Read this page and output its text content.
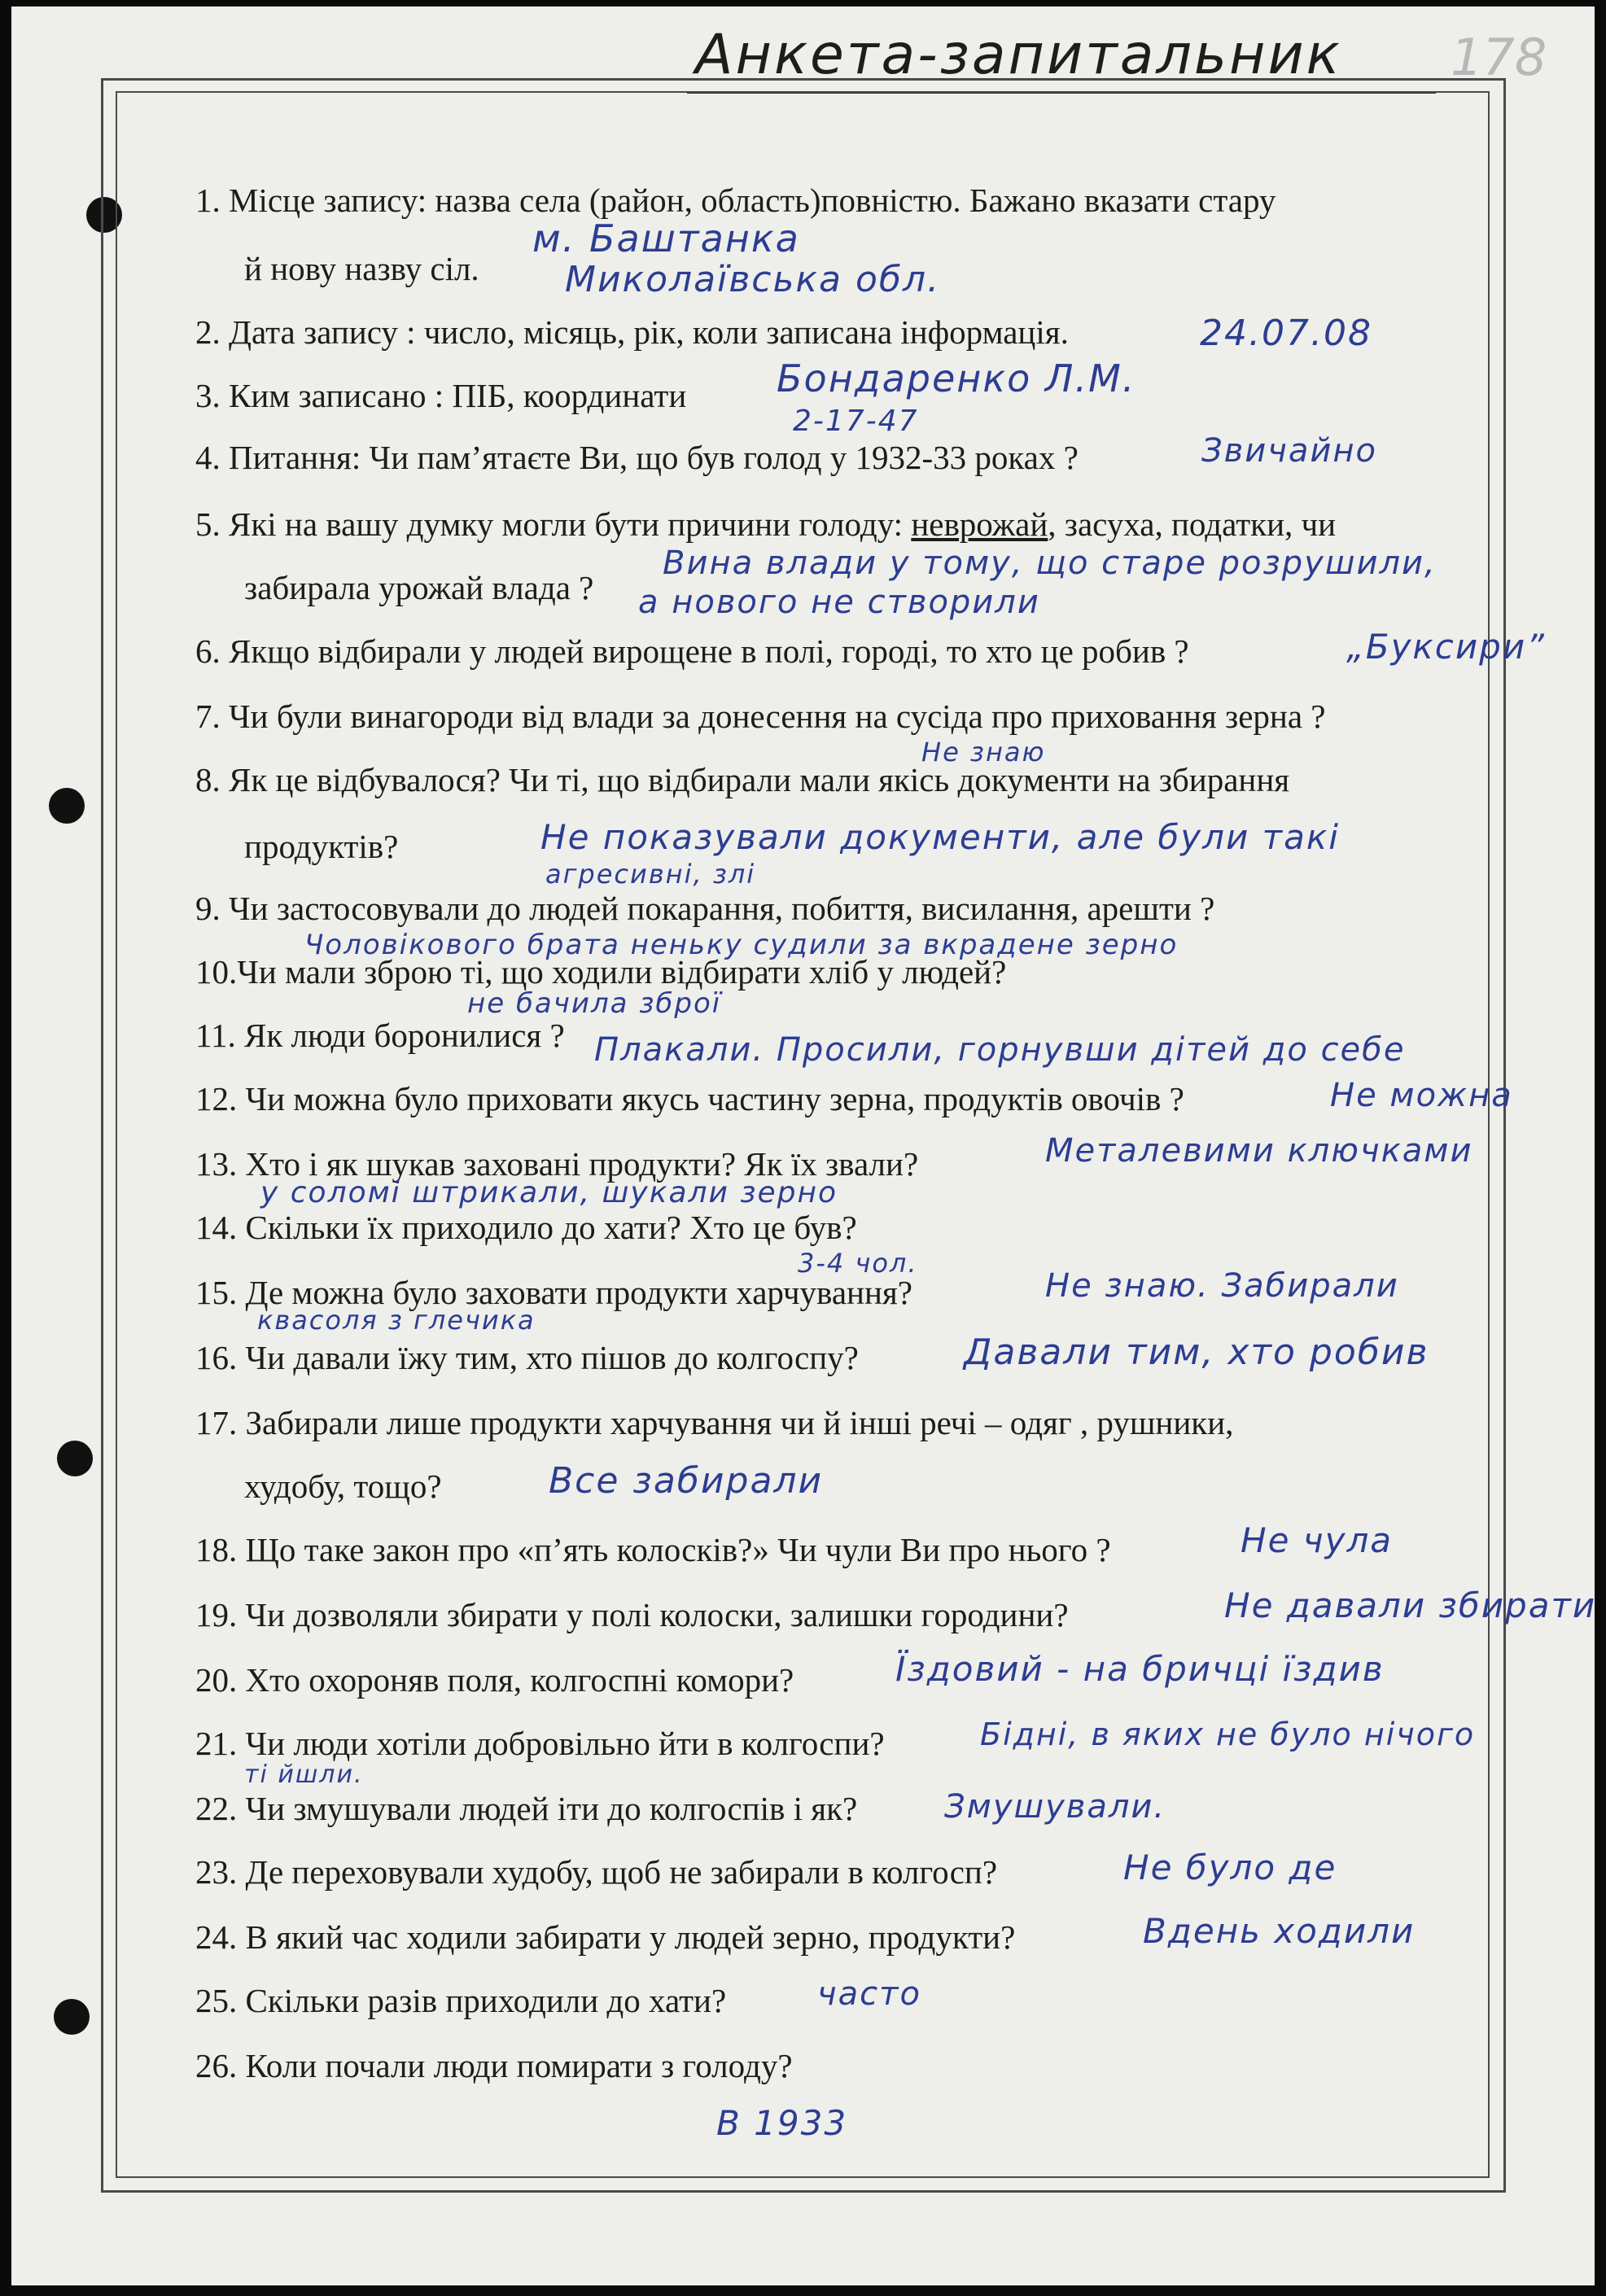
Анкета-запитальник 178
1. Місце запису: назва села (район, область)повністю. Бажано вказати стару
й нову назву сіл.
2. Дата запису : число, місяць, рік, коли записана інформація.
3. Ким записано : ПІБ, координати
4. Питання: Чи пам’ятаєте Ви, що був голод у 1932-33 роках ?
5. Які на вашу думку могли бути причини голоду: неврожай, засуха, податки, чи
забирала урожай влада ?
6. Якщо відбирали у людей вирощене в полі, городі, то хто це робив ?
7. Чи були винагороди від влади за донесення на сусіда про приховання зерна ?
8. Як це відбувалося? Чи ті, що відбирали мали якісь документи на збирання
продуктів?
9. Чи застосовували до людей покарання, побиття, висилання, арешти ?
10.Чи мали зброю ті, що ходили відбирати хліб у людей?
11. Як люди боронилися ?
12. Чи можна було приховати якусь частину зерна, продуктів овочів ?
13. Хто і як шукав заховані продукти? Як їх звали?
14. Скільки їх приходило до хати? Хто це був?
15. Де можна було заховати продукти харчування?
16. Чи давали їжу тим, хто пішов до колгоспу?
17. Забирали лише продукти харчування чи й інші речі – одяг , рушники,
худобу, тощо?
18. Що таке закон про «п’ять колосків?» Чи чули Ви про нього ?
19. Чи дозволяли збирати у полі колоски, залишки городини?
20. Хто охороняв поля, колгоспні комори?
21. Чи люди хотіли добровільно йти в колгоспи?
22. Чи змушували людей іти до колгоспів і як?
23. Де переховували худобу, щоб не забирали в колгосп?
24. В який час ходили забирати у людей зерно, продукти?
25. Скільки разів приходили до хати?
26. Коли почали люди помирати з голоду?
м. Баштанка
Миколаївська обл.
24.07.08
Бондаренко Л.М.
2-17-47
Звичайно
Вина влади у тому, що старе розрушили,
а нового не створили
„Буксири”
Не знаю
Не показували документи, але були такі
агресивні, злі
Чоловікового брата неньку судили за вкрадене зерно
не бачила зброї
Плакали. Просили, горнувши дітей до себе
Не можна
Металевими ключками
у соломі штрикали, шукали зерно
3-4 чол.
Не знаю. Забирали
квасоля з глечика
Давали тим, хто робив
Все забирали
Не чула
Не давали збирати
Їздовий - на бричці їздив
Бідні, в яких не було нічого
ті йшли.
Змушували.
Не було де
Вдень ходили
часто
В 1933
